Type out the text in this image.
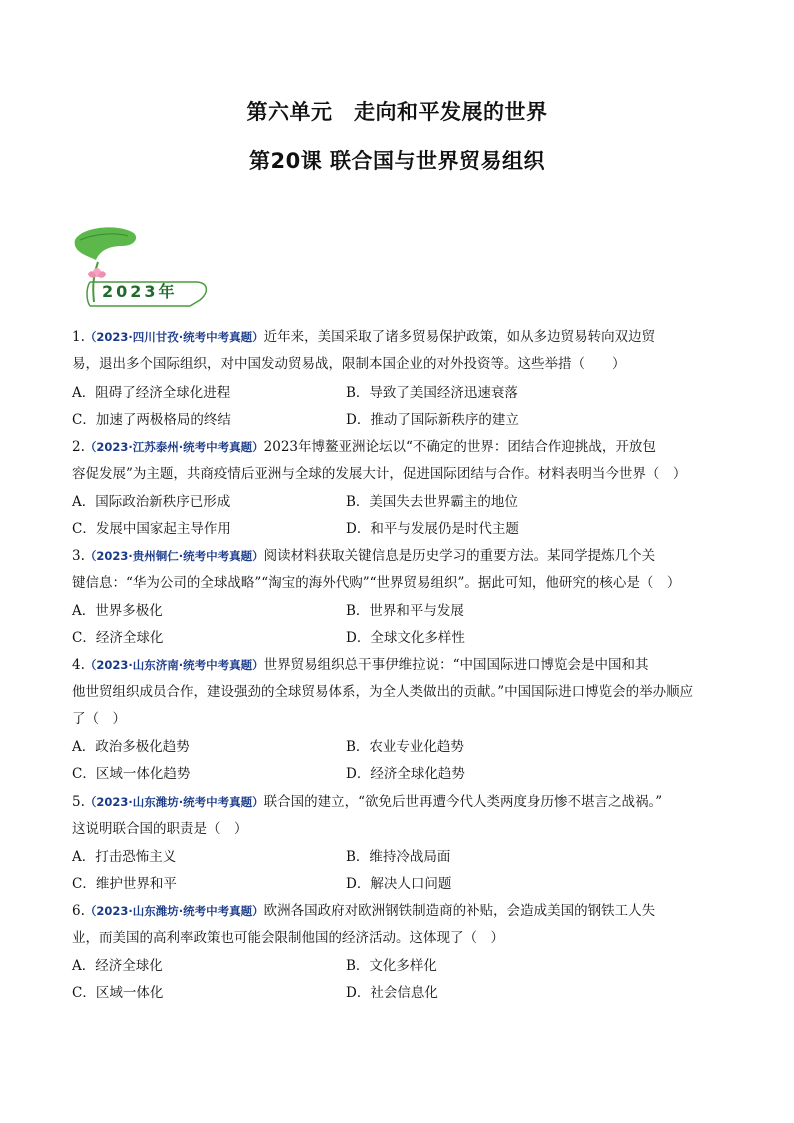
第六单元　走向和平发展的世界
第20课 联合国与世界贸易组织
2023年
1.（2023·四川甘孜·统考中考真题）近年来，美国采取了诸多贸易保护政策，如从多边贸易转向双边贸
易，退出多个国际组织，对中国发动贸易战，限制本国企业的对外投资等。这些举措（　　）
A．阻碍了经济全球化进程	B．导致了美国经济迅速衰落
C．加速了两极格局的终结	D．推动了国际新秩序的建立
2.（2023·江苏泰州·统考中考真题）2023年博鳌亚洲论坛以“不确定的世界：团结合作迎挑战，开放包
容促发展”为主题，共商疫情后亚洲与全球的发展大计，促进国际团结与合作。材料表明当今世界（　）
A．国际政治新秩序已形成	B．美国失去世界霸主的地位
C．发展中国家起主导作用	D．和平与发展仍是时代主题
3.（2023·贵州铜仁·统考中考真题）阅读材料获取关键信息是历史学习的重要方法。某同学提炼几个关
键信息：“华为公司的全球战略”“淘宝的海外代购”“世界贸易组织”。据此可知，他研究的核心是（　）
A．世界多极化	B．世界和平与发展
C．经济全球化	D．全球文化多样性
4.（2023·山东济南·统考中考真题）世界贸易组织总干事伊维拉说：“中国国际进口博览会是中国和其
他世贸组织成员合作，建设强劲的全球贸易体系，为全人类做出的贡献。”中国国际进口博览会的举办顺应
了（　）
A．政治多极化趋势	B．农业专业化趋势
C．区域一体化趋势	D．经济全球化趋势
5.（2023·山东潍坊·统考中考真题）联合国的建立，“欲免后世再遭今代人类两度身历惨不堪言之战祸。”
这说明联合国的职责是（　）
A．打击恐怖主义	B．维持冷战局面
C．维护世界和平	D．解决人口问题
6.（2023·山东潍坊·统考中考真题）欧洲各国政府对欧洲钢铁制造商的补贴，会造成美国的钢铁工人失
业，而美国的高利率政策也可能会限制他国的经济活动。这体现了（　）
A．经济全球化	B．文化多样化
C．区域一体化	D．社会信息化
